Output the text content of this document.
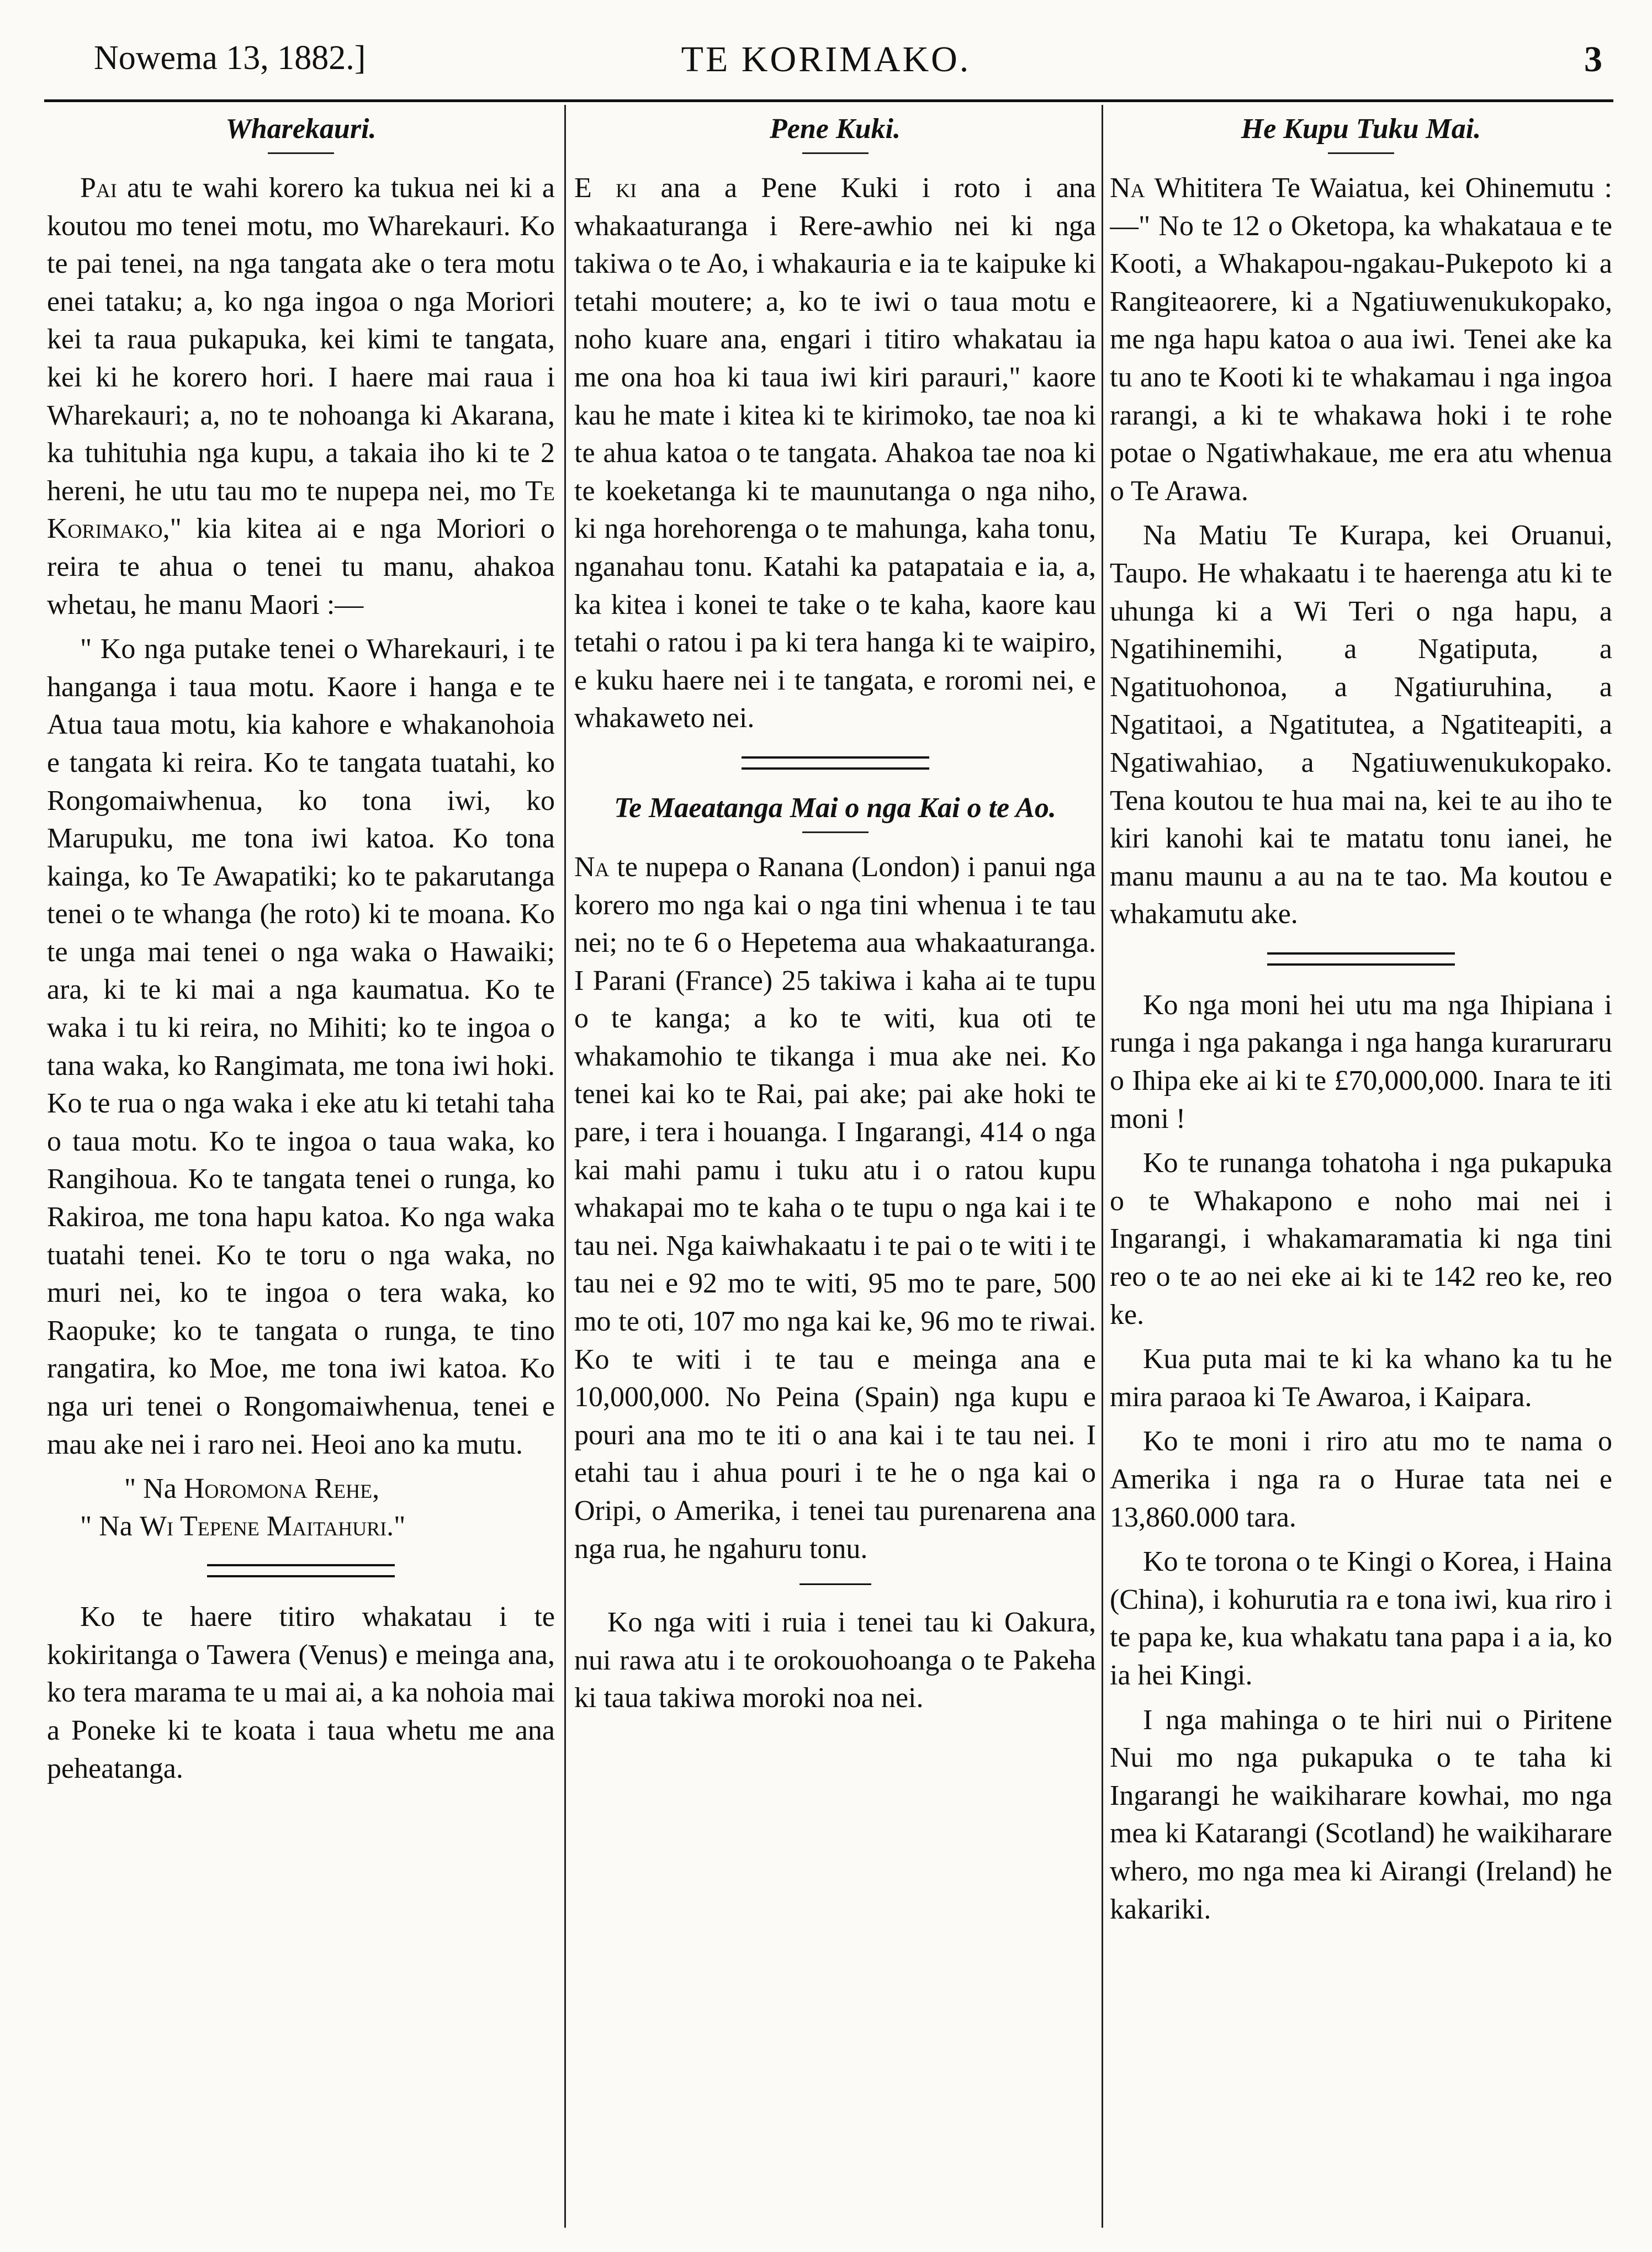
Nowema 13, 1882.]	TE KORIMAKO.	3
Wharekauri.

Pai atu te wahi korero ka tukua nei ki a koutou mo tenei motu, mo Wharekauri. Ko te pai tenei, na nga tangata ake o tera motu enei tataku; a, ko nga ingoa o nga Moriori kei ta raua pukapuka, kei kimi te tangata, kei ki he korero hori. I haere mai raua i Wharekauri; a, no te nohoanga ki Akarana, ka tuhituhia nga kupu, a takaia iho ki te 2 hereni, he utu tau mo te nupepa nei, mo Te Korimako," kia kitea ai e nga Moriori o reira te ahua o tenei tu manu, ahakoa whetau, he manu Maori :—

" Ko nga putake tenei o Wharekauri, i te hanganga i taua motu. Kaore i hanga e te Atua taua motu, kia kahore e whakanohoia e tangata ki reira. Ko te tangata tuatahi, ko Rongomaiwhenua, ko tona iwi, ko Marupuku, me tona iwi katoa. Ko tona kainga, ko Te Awapatiki; ko te pakarutanga tenei o te whanga (he roto) ki te moana. Ko te unga mai tenei o nga waka o Hawaiki; ara, ki te ki mai a nga kaumatua. Ko te waka i tu ki reira, no Mihiti; ko te ingoa o tana waka, ko Rangimata, me tona iwi hoki. Ko te rua o nga waka i eke atu ki tetahi taha o taua motu. Ko te ingoa o taua waka, ko Rangihoua. Ko te tangata tenei o runga, ko Rakiroa, me tona hapu katoa. Ko nga waka tuatahi tenei. Ko te toru o nga waka, no muri nei, ko te ingoa o tera waka, ko Raopuke; ko te tangata o runga, te tino rangatira, ko Moe, me tona iwi katoa. Ko nga uri tenei o Rongomaiwhenua, tenei e mau ake nei i raro nei. Heoi ano ka mutu.

" Na Horomona Rehe,

" Na Wi Tepene Maitahuri."

Ko te haere titiro whakatau i te kokiritanga o Tawera (Venus) e meinga ana, ko tera marama te u mai ai, a ka nohoia mai a Poneke ki te koata i taua whetu me ana peheatanga.

Pene Kuki.

E ki ana a Pene Kuki i roto i ana whakaaturanga i Rere-awhio nei ki nga takiwa o te Ao, i whakauria e ia te kaipuke ki tetahi moutere; a, ko te iwi o taua motu e noho kuare ana, engari i titiro whakatau ia me ona hoa ki taua iwi kiri parauri," kaore kau he mate i kitea ki te kirimoko, tae noa ki te ahua katoa o te tangata. Ahakoa tae noa ki te koeketanga ki te maunutanga o nga niho, ki nga horehorenga o te mahunga, kaha tonu, nganahau tonu. Katahi ka patapataia e ia, a, ka kitea i konei te take o te kaha, kaore kau tetahi o ratou i pa ki tera hanga ki te waipiro, e kuku haere nei i te tangata, e roromi nei, e whakaweto nei.

Te Maeatanga Mai o nga Kai o te Ao.

Na te nupepa o Ranana (London) i panui nga korero mo nga kai o nga tini whenua i te tau nei; no te 6 o Hepetema aua whakaaturanga. I Parani (France) 25 takiwa i kaha ai te tupu o te kanga; a ko te witi, kua oti te whakamohio te tikanga i mua ake nei. Ko tenei kai ko te Rai, pai ake; pai ake hoki te pare, i tera i houanga. I Ingarangi, 414 o nga kai mahi pamu i tuku atu i o ratou kupu whakapai mo te kaha o te tupu o nga kai i te tau nei. Nga kaiwhakaatu i te pai o te witi i te tau nei e 92 mo te witi, 95 mo te pare, 500 mo te oti, 107 mo nga kai ke, 96 mo te riwai. Ko te witi i te tau e meinga ana e 10,000,000. No Peina (Spain) nga kupu e pouri ana mo te iti o ana kai i te tau nei. I etahi tau i ahua pouri i te he o nga kai o Oripi, o Amerika, i tenei tau purenarena ana nga rua, he ngahuru tonu.

Ko nga witi i ruia i tenei tau ki Oakura, nui rawa atu i te orokouohoanga o te Pakeha ki taua takiwa moroki noa nei.

He Kupu Tuku Mai.

Na Whititera Te Waiatua, kei Ohinemutu :—" No te 12 o Oketopa, ka whakataua e te Kooti, a Whakapou-ngakau-Pukepoto ki a Rangiteaorere, ki a Ngatiuwenukukopako, me nga hapu katoa o aua iwi. Tenei ake ka tu ano te Kooti ki te whakamau i nga ingoa rarangi, a ki te whakawa hoki i te rohe potae o Ngatiwhakaue, me era atu whenua o Te Arawa.

Na Matiu Te Kurapa, kei Oruanui, Taupo. He whakaatu i te haerenga atu ki te uhunga ki a Wi Teri o nga hapu, a Ngatihinemihi, a Ngatiputa, a Ngatituohonoa, a Ngatiuruhina, a Ngatitaoi, a Ngatitutea, a Ngatiteapiti, a Ngatiwahiao, a Ngatiuwenukukopako. Tena koutou te hua mai na, kei te au iho te kiri kanohi kai te matatu tonu ianei, he manu maunu a au na te tao. Ma koutou e whakamutu ake.

Ko nga moni hei utu ma nga Ihipiana i runga i nga pakanga i nga hanga kuraruraru o Ihipa eke ai ki te £70,000,000. Inara te iti moni !

Ko te runanga tohatoha i nga pukapuka o te Whakapono e noho mai nei i Ingarangi, i whakamaramatia ki nga tini reo o te ao nei eke ai ki te 142 reo ke, reo ke.

Kua puta mai te ki ka whano ka tu he mira paraoa ki Te Awaroa, i Kaipara.

Ko te moni i riro atu mo te nama o Amerika i nga ra o Hurae tata nei e 13,860.000 tara.

Ko te torona o te Kingi o Korea, i Haina (China), i kohurutia ra e tona iwi, kua riro i te papa ke, kua whakatu tana papa i a ia, ko ia hei Kingi.

I nga mahinga o te hiri nui o Piritene Nui mo nga pukapuka o te taha ki Ingarangi he waikiharare kowhai, mo nga mea ki Katarangi (Scotland) he waikiharare whero, mo nga mea ki Airangi (Ireland) he kakariki.
